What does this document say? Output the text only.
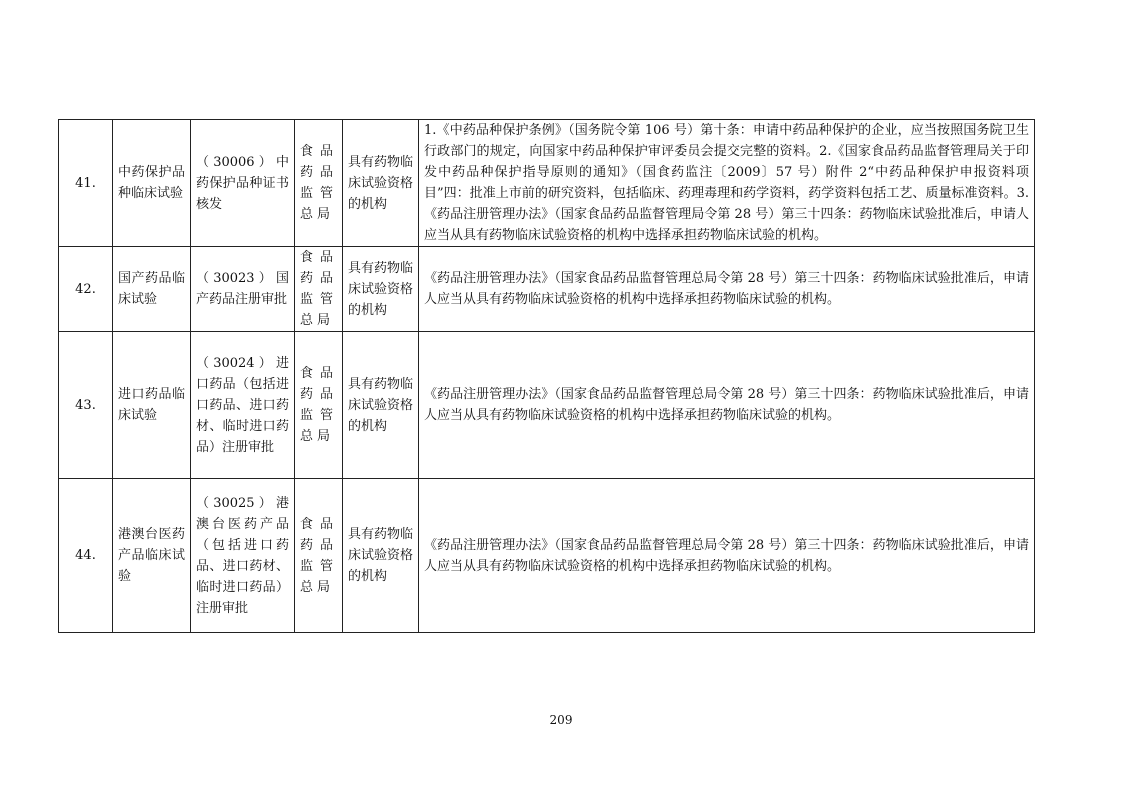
41.	中药保护品种临床试验	（30006）中药保护品种证书核发	食品药品监管总局	具有药物临床试验资格的机构	1.《中药品种保护条例》（国务院令第 106 号）第十条：申请中药品种保护的企业，应当按照国务院卫生行政部门的规定，向国家中药品种保护审评委员会提交完整的资料。2.《国家食品药品监督管理局关于印发中药品种保护指导原则的通知》（国食药监注〔2009〕57 号）附件 2“中药品种保护申报资料项目”四：批准上市前的研究资料，包括临床、药理毒理和药学资料，药学资料包括工艺、质量标准资料。3.《药品注册管理办法》（国家食品药品监督管理局令第 28 号）第三十四条：药物临床试验批准后，申请人应当从具有药物临床试验资格的机构中选择承担药物临床试验的机构。
42.	国产药品临床试验	（30023）国产药品注册审批	食品药品监管总局	具有药物临床试验资格的机构	《药品注册管理办法》（国家食品药品监督管理总局令第 28 号）第三十四条：药物临床试验批准后，申请人应当从具有药物临床试验资格的机构中选择承担药物临床试验的机构。
43.	进口药品临床试验	（30024）进口药品（包括进口药品、进口药材、临时进口药品）注册审批	食品药品监管总局	具有药物临床试验资格的机构	《药品注册管理办法》（国家食品药品监督管理总局令第 28 号）第三十四条：药物临床试验批准后，申请人应当从具有药物临床试验资格的机构中选择承担药物临床试验的机构。
44.	港澳台医药产品临床试验	（30025）港澳台医药产品（包括进口药品、进口药材、临时进口药品）注册审批	食品药品监管总局	具有药物临床试验资格的机构	《药品注册管理办法》（国家食品药品监督管理总局令第 28 号）第三十四条：药物临床试验批准后，申请人应当从具有药物临床试验资格的机构中选择承担药物临床试验的机构。
209
